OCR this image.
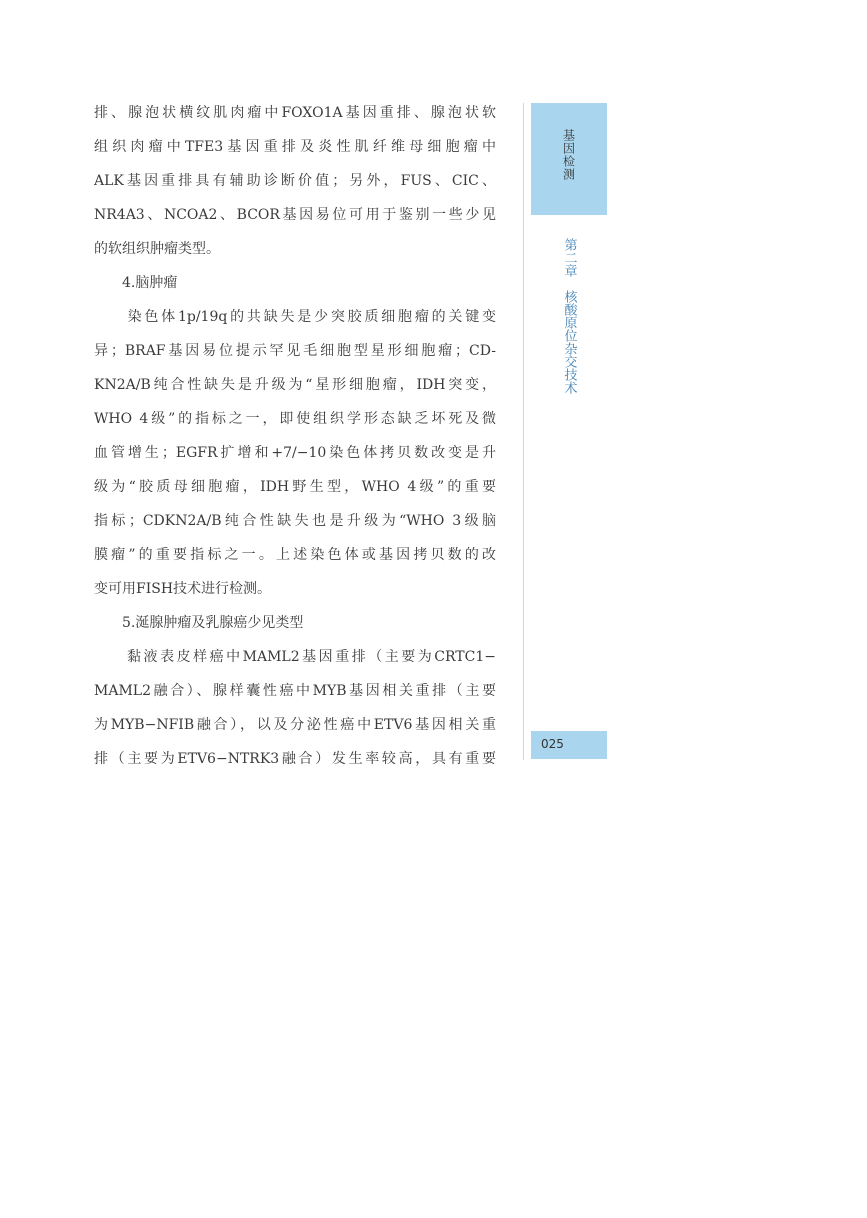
排、腺泡状横纹肌肉瘤中FOXO1A基因重排、腺泡状软
组织肉瘤中TFE3基因重排及炎性肌纤维母细胞瘤中
ALK基因重排具有辅助诊断价值；另外，FUS、CIC、
NR4A3、NCOA2、BCOR基因易位可用于鉴别一些少见
的软组织肿瘤类型。
　　4.脑肿瘤
　　染色体1p/19q的共缺失是少突胶质细胞瘤的关键变
异；BRAF基因易位提示罕见毛细胞型星形细胞瘤；CD-
KN2A/B纯合性缺失是升级为“星形细胞瘤，IDH突变，
WHO 4级”的指标之一，即使组织学形态缺乏坏死及微
血管增生；EGFR扩增和+7/−10染色体拷贝数改变是升
级为“胶质母细胞瘤，IDH野生型，WHO 4级”的重要
指标；CDKN2A/B纯合性缺失也是升级为“WHO 3级脑
膜瘤”的重要指标之一。上述染色体或基因拷贝数的改
变可用FISH技术进行检测。
　　5.涎腺肿瘤及乳腺癌少见类型
　　黏液表皮样癌中MAML2基因重排（主要为CRTC1−
MAML2融合）、腺样囊性癌中MYB基因相关重排（主要
为MYB−NFIB融合），以及分泌性癌中ETV6基因相关重
排（主要为ETV6−NTRK3融合）发生率较高，具有重要
基因检测
第二章　核酸原位杂交技术
025
